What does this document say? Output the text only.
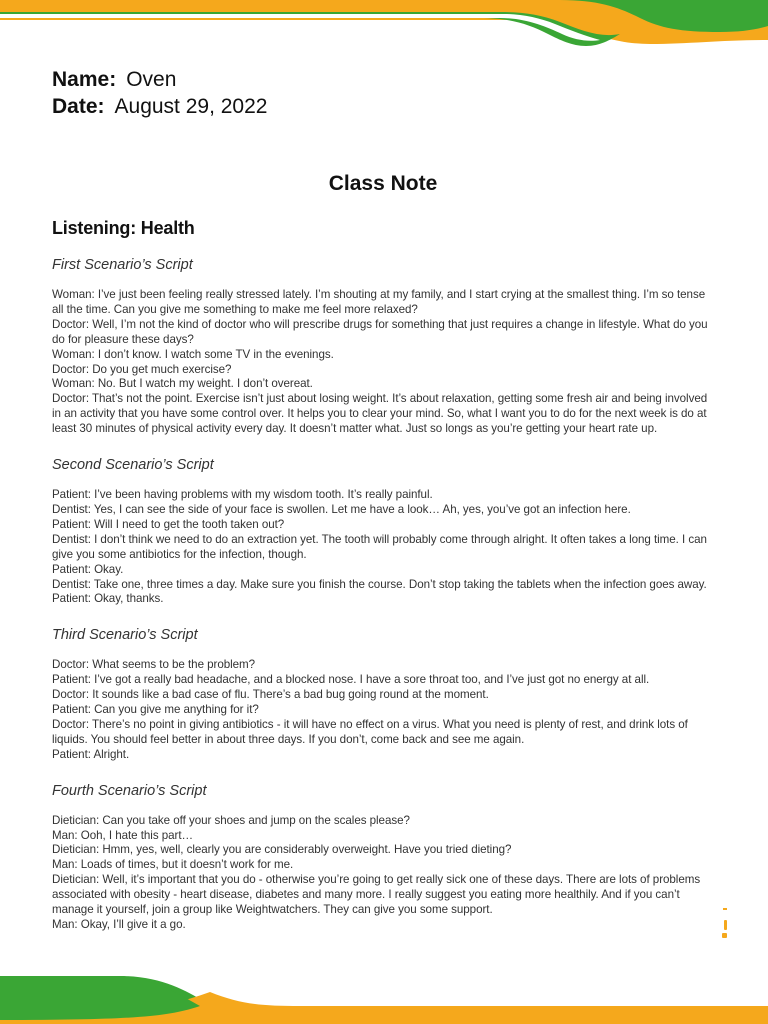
Name: Oven
Date: August 29, 2022
Class Note
Listening: Health
First Scenario’s Script

Woman: I’ve just been feeling really stressed lately. I’m shouting at my family, and I start crying at the smallest thing. I’m so tense all the time. Can you give me something to make me feel more relaxed?

Doctor: Well, I’m not the kind of doctor who will prescribe drugs for something that just requires a change in lifestyle. What do you do for pleasure these days?

Woman: I don’t know. I watch some TV in the evenings.

Doctor: Do you get much exercise?

Woman: No. But I watch my weight. I don’t overeat.

Doctor: That’s not the point. Exercise isn’t just about losing weight. It’s about relaxation, getting some fresh air and being involved in an activity that you have some control over. It helps you to clear your mind. So, what I want you to do for the next week is do at least 30 minutes of physical activity every day. It doesn’t matter what. Just so longs as you’re getting your heart rate up.

Second Scenario’s Script

Patient: I’ve been having problems with my wisdom tooth. It’s really painful.

Dentist: Yes, I can see the side of your face is swollen. Let me have a look… Ah, yes, you’ve got an infection here.

Patient: Will I need to get the tooth taken out?

Dentist: I don’t think we need to do an extraction yet. The tooth will probably come through alright. It often takes a long time. I can give you some antibiotics for the infection, though.

Patient: Okay.

Dentist: Take one, three times a day. Make sure you finish the course. Don’t stop taking the tablets when the infection goes away.

Patient: Okay, thanks.

Third Scenario’s Script

Doctor: What seems to be the problem?

Patient: I’ve got a really bad headache, and a blocked nose. I have a sore throat too, and I’ve just got no energy at all.

Doctor: It sounds like a bad case of flu. There’s a bad bug going round at the moment.

Patient: Can you give me anything for it?

Doctor: There’s no point in giving antibiotics - it will have no effect on a virus. What you need is plenty of rest, and drink lots of liquids. You should feel better in about three days. If you don’t, come back and see me again.

Patient: Alright.

Fourth Scenario’s Script

Dietician: Can you take off your shoes and jump on the scales please?

Man: Ooh, I hate this part…

Dietician: Hmm, yes, well, clearly you are considerably overweight. Have you tried dieting?

Man: Loads of times, but it doesn’t work for me.

Dietician: Well, it’s important that you do - otherwise you’re going to get really sick one of these days. There are lots of problems associated with obesity - heart disease, diabetes and many more. I really suggest you eating more healthily. And if you can’t manage it yourself, join a group like Weightwatchers. They can give you some support.

Man: Okay, I’ll give it a go.
